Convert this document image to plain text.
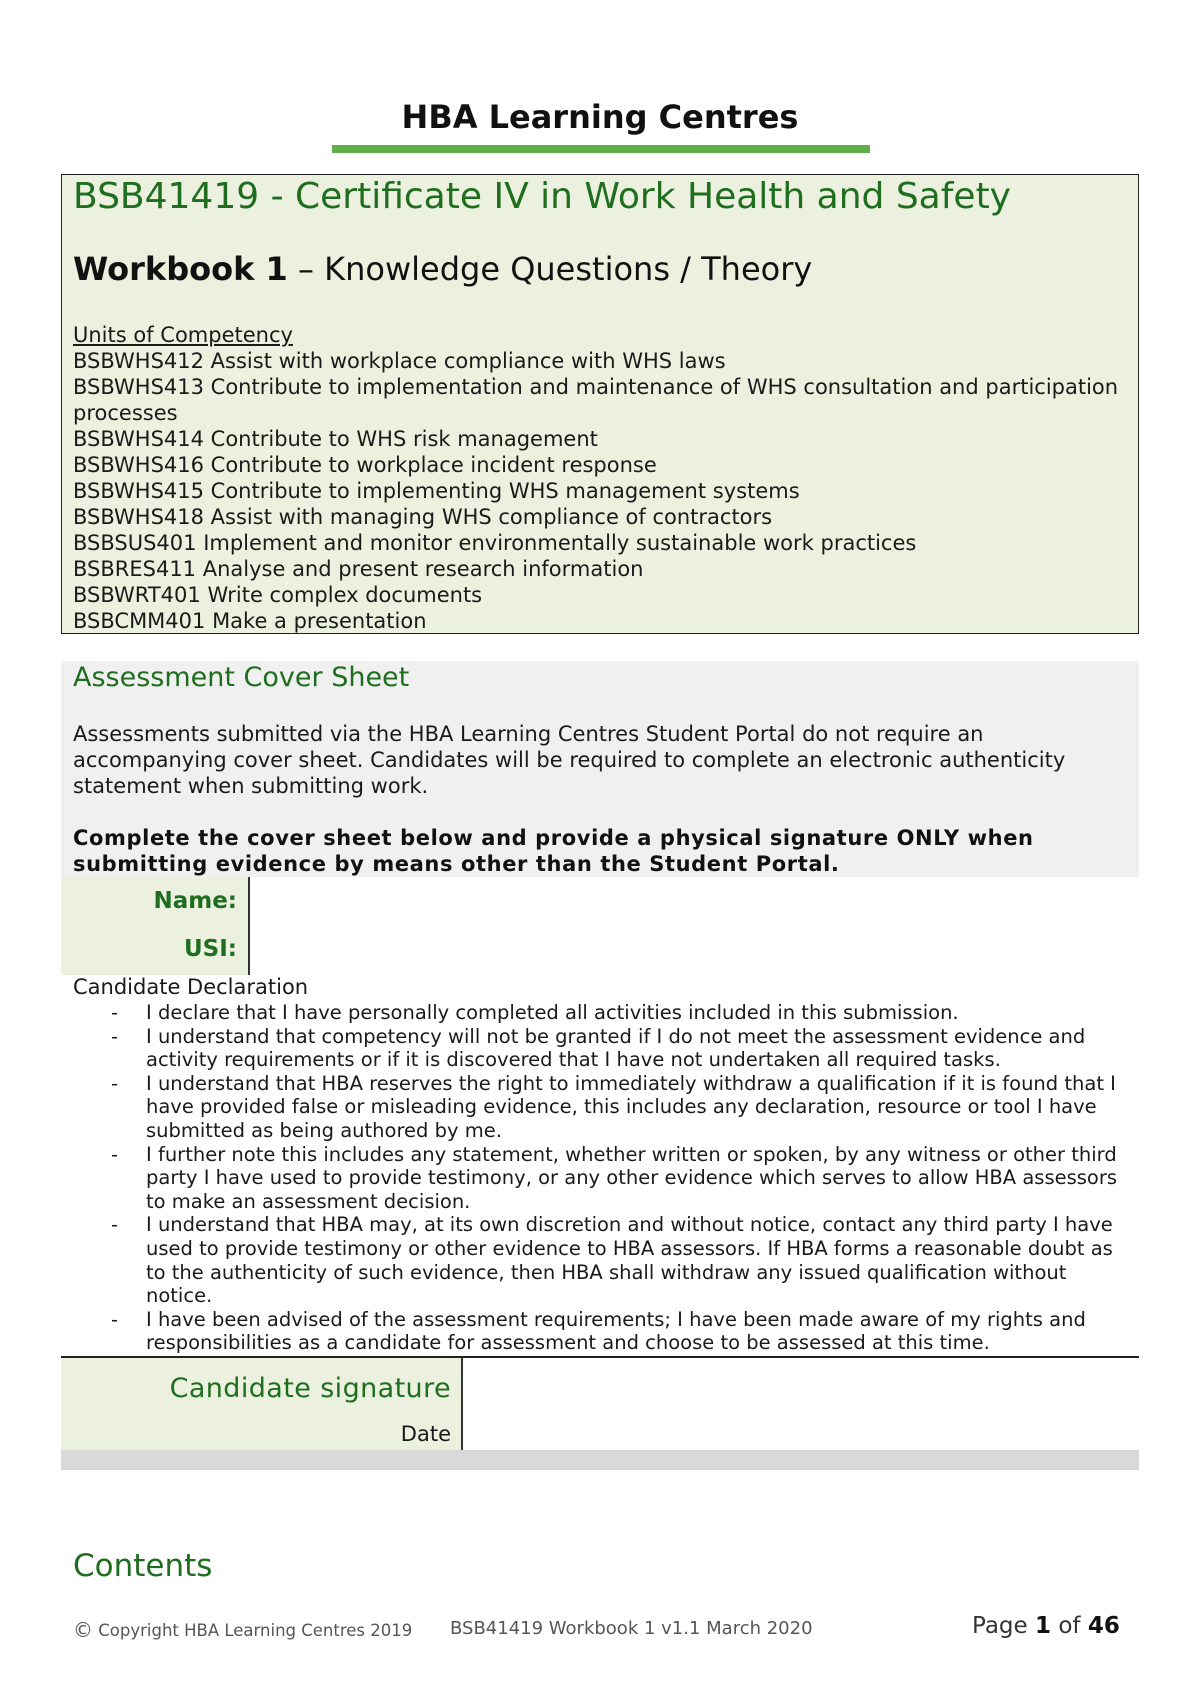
HBA Learning Centres
BSB41419 - Certificate IV in Work Health and Safety
Workbook 1 – Knowledge Questions / Theory
Units of Competency
BSBWHS412 Assist with workplace compliance with WHS laws
BSBWHS413 Contribute to implementation and maintenance of WHS consultation and participation processes
BSBWHS414 Contribute to WHS risk management
BSBWHS416 Contribute to workplace incident response
BSBWHS415 Contribute to implementing WHS management systems
BSBWHS418 Assist with managing WHS compliance of contractors
BSBSUS401 Implement and monitor environmentally sustainable work practices
BSBRES411 Analyse and present research information
BSBWRT401 Write complex documents
BSBCMM401 Make a presentation
Assessment Cover Sheet
Assessments submitted via the HBA Learning Centres Student Portal do not require an accompanying cover sheet. Candidates will be required to complete an electronic authenticity statement when submitting work.
Complete the cover sheet below and provide a physical signature ONLY when submitting evidence by means other than the Student Portal.
Name:
USI:
Candidate Declaration
- I declare that I have personally completed all activities included in this submission.
- I understand that competency will not be granted if I do not meet the assessment evidence and activity requirements or if it is discovered that I have not undertaken all required tasks.
- I understand that HBA reserves the right to immediately withdraw a qualification if it is found that I have provided false or misleading evidence, this includes any declaration, resource or tool I have submitted as being authored by me.
- I further note this includes any statement, whether written or spoken, by any witness or other third party I have used to provide testimony, or any other evidence which serves to allow HBA assessors to make an assessment decision.
- I understand that HBA may, at its own discretion and without notice, contact any third party I have used to provide testimony or other evidence to HBA assessors. If HBA forms a reasonable doubt as to the authenticity of such evidence, then HBA shall withdraw any issued qualification without notice.
- I have been advised of the assessment requirements; I have been made aware of my rights and responsibilities as a candidate for assessment and choose to be assessed at this time.
Candidate signature
Date
Contents
© Copyright HBA Learning Centres 2019 BSB41419 Workbook 1 v1.1 March 2020	Page 1 of 46
